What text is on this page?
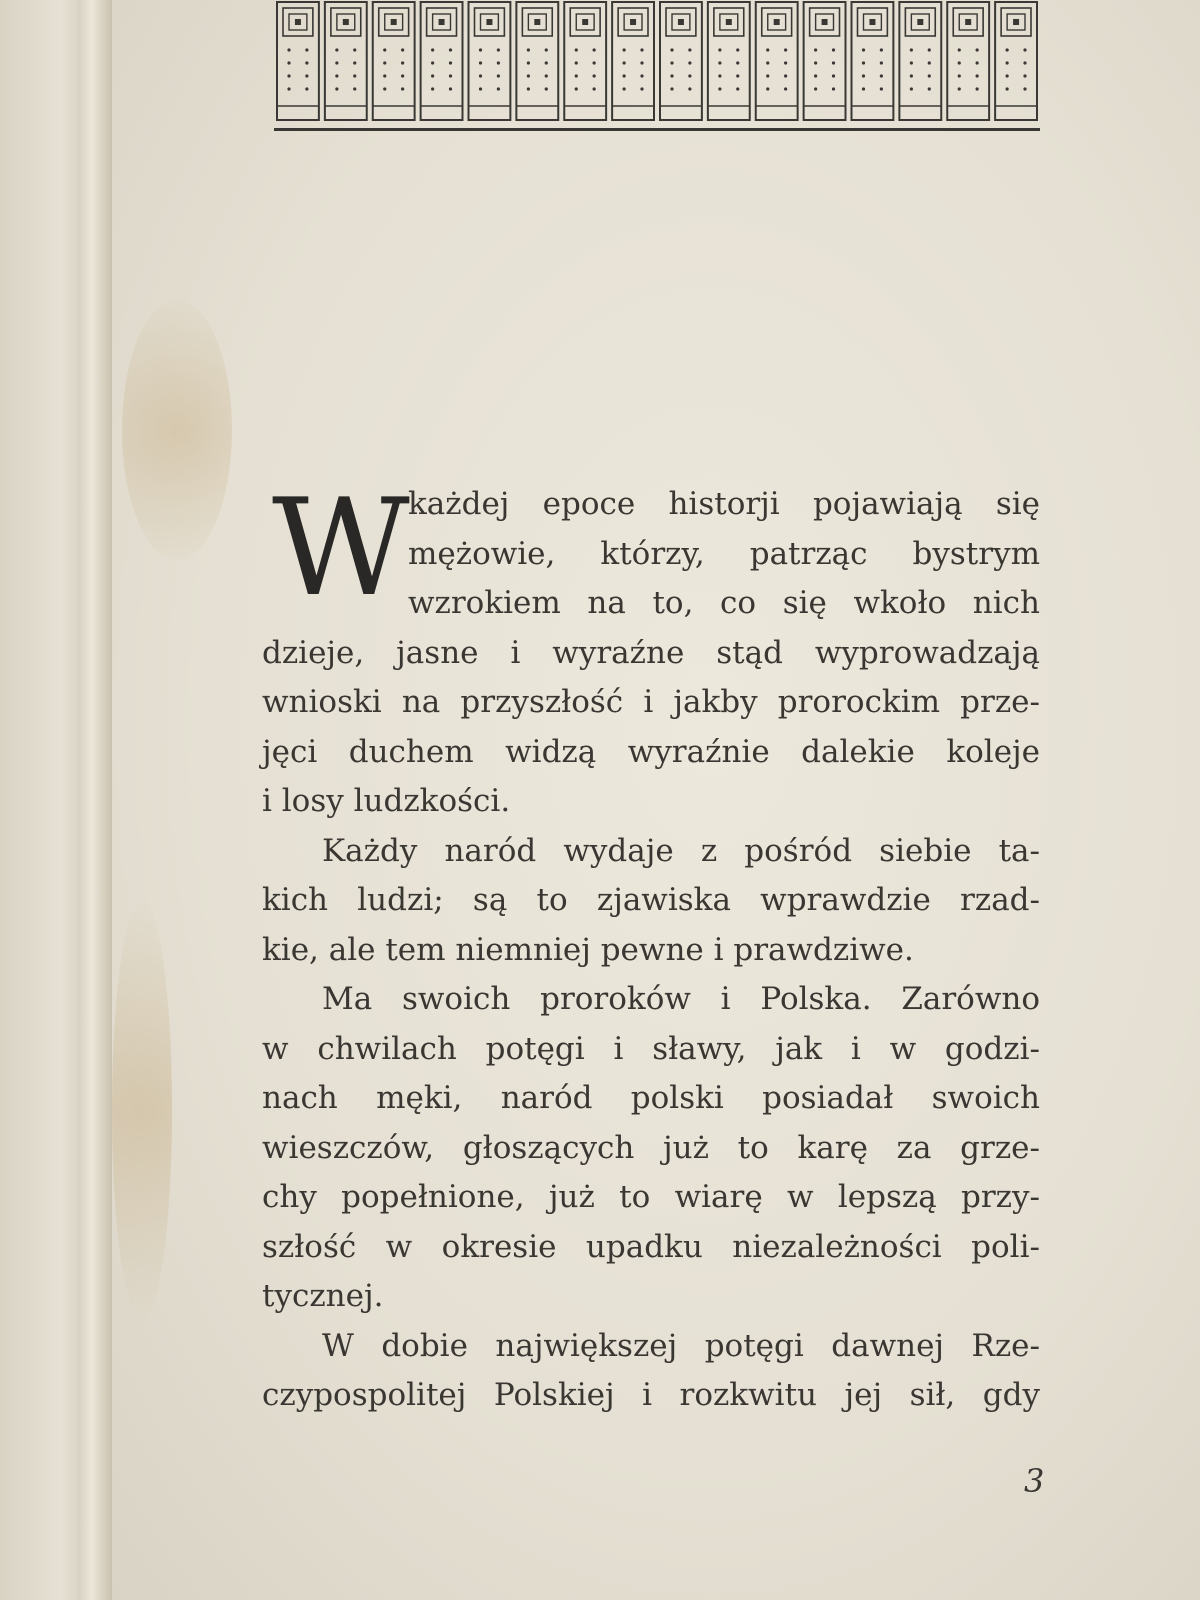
W
każdej epoce historji pojawiają się
mężowie, którzy, patrząc bystrym
wzrokiem na to, co się wkoło nich
dzieje, jasne i wyraźne stąd wyprowadzają
wnioski na przyszłość i jakby prorockim prze-
jęci duchem widzą wyraźnie dalekie koleje
i losy ludzkości.
Każdy naród wydaje z pośród siebie ta-
kich ludzi; są to zjawiska wprawdzie rzad-
kie, ale tem niemniej pewne i prawdziwe.
Ma swoich proroków i Polska. Zarówno
w chwilach potęgi i sławy, jak i w godzi-
nach męki, naród polski posiadał swoich
wieszczów, głoszących już to karę za grze-
chy popełnione, już to wiarę w lepszą przy-
szłość w okresie upadku niezależności poli-
tycznej.
W dobie największej potęgi dawnej Rze-
czypospolitej Polskiej i rozkwitu jej sił, gdy
3
